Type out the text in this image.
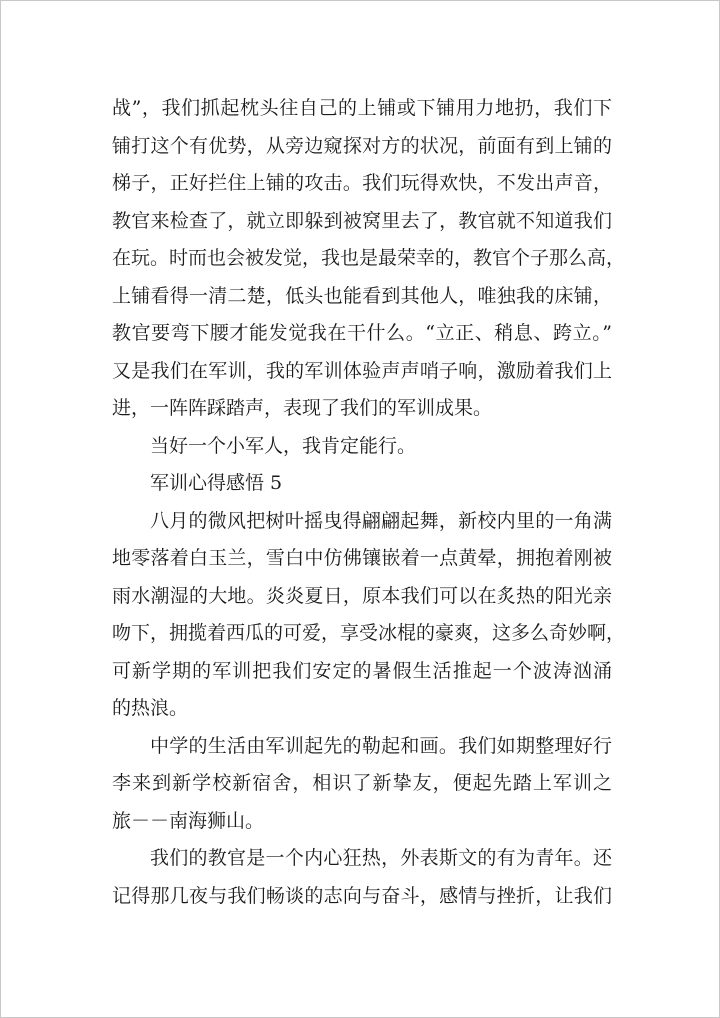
战”，我们抓起枕头往自己的上铺或下铺用力地扔，我们下
铺打这个有优势，从旁边窥探对方的状况，前面有到上铺的
梯子，正好拦住上铺的攻击。我们玩得欢快，不发出声音，
教官来检查了，就立即躲到被窝里去了，教官就不知道我们
在玩。时而也会被发觉，我也是最荣幸的，教官个子那么高，
上铺看得一清二楚，低头也能看到其他人，唯独我的床铺，
教官要弯下腰才能发觉我在干什么。“立正、稍息、跨立。”
又是我们在军训，我的军训体验声声哨子响，激励着我们上
进，一阵阵踩踏声，表现了我们的军训成果。
当好一个小军人，我肯定能行。
军训心得感悟 5
八月的微风把树叶摇曳得翩翩起舞，新校内里的一角满
地零落着白玉兰，雪白中仿佛镶嵌着一点黄晕，拥抱着刚被
雨水潮湿的大地。炎炎夏日，原本我们可以在炙热的阳光亲
吻下，拥揽着西瓜的可爱，享受冰棍的豪爽，这多么奇妙啊，
可新学期的军训把我们安定的暑假生活推起一个波涛汹涌
的热浪。
中学的生活由军训起先的勒起和画。我们如期整理好行
李来到新学校新宿舍，相识了新挚友，便起先踏上军训之
旅－－南海狮山。
我们的教官是一个内心狂热，外表斯文的有为青年。还
记得那几夜与我们畅谈的志向与奋斗，感情与挫折，让我们
